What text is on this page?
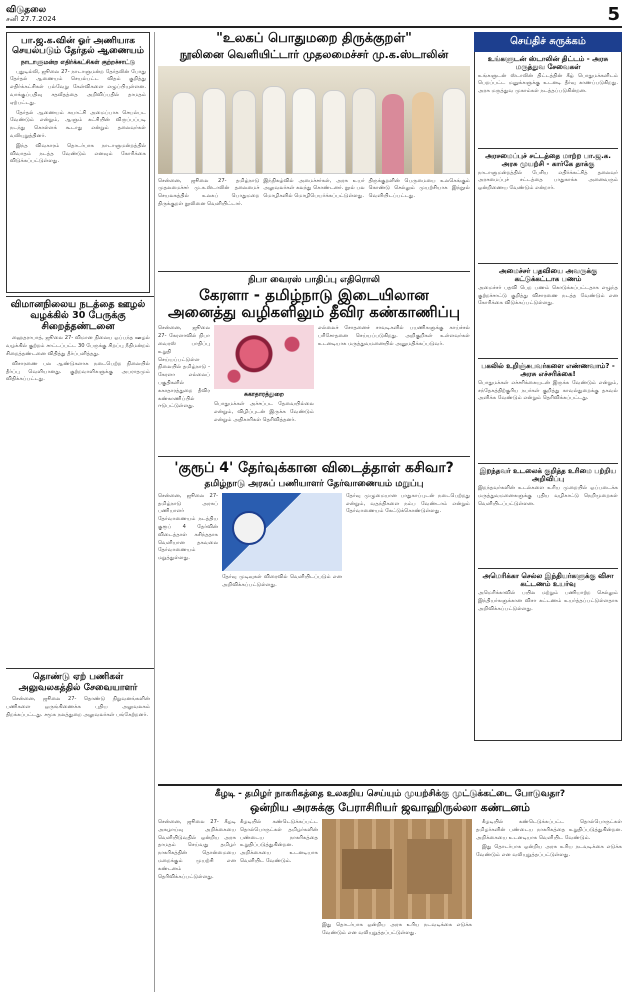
விடுதலை
சனி 27.7.2024	5
பா.ஜ.க.வின் ஓர் அணியாக செயல்படும் தேர்தல் ஆணையம்
நாடாளுமன்ற எதிர்க்கட்சிகள் குற்றச்சாட்டு

புதுடில்லி, ஜூலை 27- நாடாளுமன்ற தேர்தலின் போது தேர்தல் ஆணையம் செயல்பட்ட விதம் குறித்து எதிர்க்கட்சிகள் பல்வேறு கேள்விகளை எழுப்பியுள்ளன. வாக்குப்பதிவு சதவீதத்தை அறிவிப்பதில் தாமதம் ஏற்பட்டது.

தேர்தல் ஆணையம் சுயாட்சி அமைப்பாக செயல்பட வேண்டும் என்றும், ஆளும் கட்சியின் விருப்பப்படி நடந்து கொள்ளக் கூடாது என்றும் தலைவர்கள் வலியுறுத்தினர்.

இந்த விவகாரம் தொடர்பாக நாடாளுமன்றத்தில் விவாதம் நடத்த வேண்டும் எனவும் கோரிக்கை விடுக்கப்பட்டுள்ளது.

விமானநிலைய நடத்தை ஊழல் வழக்கில் 30 பேருக்கு சிறைத்தண்டனை

ஹைதராபாத், ஜூலை 27- விமான நிலைய ஒப்பந்த ஊழல் வழக்கில் குற்றம் சாட்டப்பட்ட 30 பேருக்கு சிறப்பு நீதிமன்றம் சிறைத்தண்டனை விதித்து தீர்ப்பளித்தது.

விசாரணை பல ஆண்டுகளாக நடைபெற்ற நிலையில் தீர்ப்பு வெளியானது. குற்றவாளிகளுக்கு அபராதமும் விதிக்கப்பட்டது.

தொண்டு ஏற் பணிகள் அலுவலகத்தில் சேவையாளர்

சென்னை, ஜூலை 27- தொண்டு நிறுவனங்களின் பணிகளை ஒருங்கிணைக்க புதிய அலுவலகம் திறக்கப்பட்டது. சமூக நலத்துறை அலுவலர்கள் பங்கேற்றனர்.

"உலகப் பொதுமறை திருக்குறள்"
நூலினை வெளியிட்டார் முதலமைச்சர் மு.க.ஸ்டாலின்
சென்னை, ஜூலை 27- தமிழ்நாடு முதலமைச்சர் மு.க.ஸ்டாலின் தலைமைச் செயலகத்தில் உலகப் பொதுமறை திருக்குறள் நூலினை வெளியிட்டார்.
இந்நிகழ்வில் அமைச்சர்கள், அரசு உயர் அலுவலர்கள் கலந்து கொண்டனர். நூல் பல மொழிகளில் மொழிபெயர்க்கப்பட்டுள்ளது.
திருக்குறளின் பெருமையை உலகெங்கும் கொண்டு செல்லும் முயற்சியாக இந்நூல் வெளியிடப்பட்டது.
நிபா வைரஸ் பாதிப்பு எதிரொலி
கேரளா - தமிழ்நாடு இடையிலான
அனைத்து வழிகளிலும் தீவிர கண்காணிப்பு
சென்னை, ஜூலை 27- கேரளாவில் நிபா வைரஸ் பாதிப்பு உறுதி செய்யப்பட்டுள்ள நிலையில் தமிழ்நாடு - கேரளா எல்லைப் பகுதிகளில் சுகாதாரத்துறை தீவிர கண்காணிப்பில் ஈடுபட்டுள்ளது.
சுகாதாரத்துறை
பொதுமக்கள் அச்சப்பட தேவையில்லை என்றும், விழிப்புடன் இருக்க வேண்டும் என்றும் அதிகாரிகள் தெரிவித்தனர்.
எல்லைச் சோதனைச் சாவடிகளில் பயணிகளுக்கு காய்ச்சல் பரிசோதனை செய்யப்படுகிறது. அறிகுறிகள் உள்ளவர்கள் உடனடியாக மருத்துவமனையில் அனுமதிக்கப்படுவர்.
'குரூப் 4' தேர்வுக்கான விடைத்தாள் கசிவா?
தமிழ்நாடு அரசுப் பணியாளர் தேர்வாணையம் மறுப்பு
சென்னை, ஜூலை 27- தமிழ்நாடு அரசுப் பணியாளர் தேர்வாணையம் நடத்திய குரூப் 4 தேர்வின் விடைத்தாள் கசிந்ததாக வெளியான தகவலை தேர்வாணையம் மறுத்துள்ளது.
தேர்வு முடிவுகள் விரைவில் வெளியிடப்படும் என அறிவிக்கப்பட்டுள்ளது.
தேர்வு முழுமையான பாதுகாப்புடன் நடைபெற்றது என்றும், வதந்திகளை நம்ப வேண்டாம் என்றும் தேர்வாணையம் கேட்டுக்கொண்டுள்ளது.
செய்திச் சுருக்கம்
உங்களுடன் ஸ்டாலின் திட்டம் - அரசு மருத்துவ சேவைகள்
உங்களுடன் ஸ்டாலின் திட்டத்தின் கீழ் பொதுமக்களிடம் பெறப்பட்ட மனுக்களுக்கு உடனடி தீர்வு காணப்படுகிறது. அரசு மருத்துவ முகாம்கள் நடத்தப்படுகின்றன.
அரசமைப்புச் சட்டத்தை மாற்ற பா.ஜ.க. அரசு முயற்சி - கார்கே தாக்கு
நாடாளுமன்றத்தில் பேசிய எதிர்க்கட்சித் தலைவர் அரசமைப்புச் சட்டத்தை பாதுகாக்க அனைவரும் ஒன்றிணைய வேண்டும் என்றார்.
அமைச்சர் பதவியை அவருக்கு கட்டுக்கட்டாக பணம்
அமைச்சர் பதவி பெற பணம் கொடுக்கப்பட்டதாக எழுந்த குற்றச்சாட்டு குறித்து விசாரணை நடத்த வேண்டும் என கோரிக்கை விடுக்கப்பட்டுள்ளது.
பகலில் உறிஞ்சுபவர்களை எண்ணவாம்? - அரசு எச்சரிக்கை!
பொதுமக்கள் எச்சரிக்கையுடன் இருக்க வேண்டும் என்றும், சந்தேகத்திற்குரிய நபர்கள் குறித்து காவல்துறைக்கு தகவல் அளிக்க வேண்டும் என்றும் தெரிவிக்கப்பட்டது.
இறந்தவர் உடலைக் குறித்த உரிமை பற்றிய அறிவிப்பு
இறந்தவர்களின் உடல்களை உரிய முறையில் ஒப்படைக்க மருத்துவமனைகளுக்கு புதிய வழிகாட்டு நெறிமுறைகள் வெளியிடப்பட்டுள்ளன.
அமெரிக்கா செல்ல இந்தியர்களுக்கு விசா கட்டணம் உயர்வு
அமெரிக்காவில் பயில மற்றும் பணியாற்ற செல்லும் இந்தியர்களுக்கான விசா கட்டணம் உயர்த்தப்பட்டுள்ளதாக அறிவிக்கப்பட்டுள்ளது.
கீழடி - தமிழர் நாகரிகத்தை உலகறிய செய்யும் முயற்சிக்கு முட்டுக்கட்டை போடுவதா?
ஒன்றிய அரசுக்கு பேராசிரியர் ஜவாஹிருல்லா கண்டனம்
சென்னை, ஜூலை 27- கீழடி அகழாய்வு அறிக்கையை வெளியிடுவதில் ஒன்றிய அரசு தாமதம் செய்வது தமிழர் நாகரிகத்தின் தொன்மையை மறைக்கும் முயற்சி என கண்டனம் தெரிவிக்கப்பட்டுள்ளது.
கீழடியில் கண்டெடுக்கப்பட்ட தொல்பொருட்கள் தமிழர்களின் பண்டைய நாகரிகத்தை உறுதிப்படுத்துகின்றன. அறிக்கையை உடனடியாக வெளியிட வேண்டும்.
இது தொடர்பாக ஒன்றிய அரசு உரிய நடவடிக்கை எடுக்க வேண்டும் என வலியுறுத்தப்பட்டுள்ளது.

கீழடியில் கண்டெடுக்கப்பட்ட தொல்பொருட்கள் தமிழர்களின் பண்டைய நாகரிகத்தை உறுதிப்படுத்துகின்றன. அறிக்கையை உடனடியாக வெளியிட வேண்டும்.

இது தொடர்பாக ஒன்றிய அரசு உரிய நடவடிக்கை எடுக்க வேண்டும் என வலியுறுத்தப்பட்டுள்ளது.
